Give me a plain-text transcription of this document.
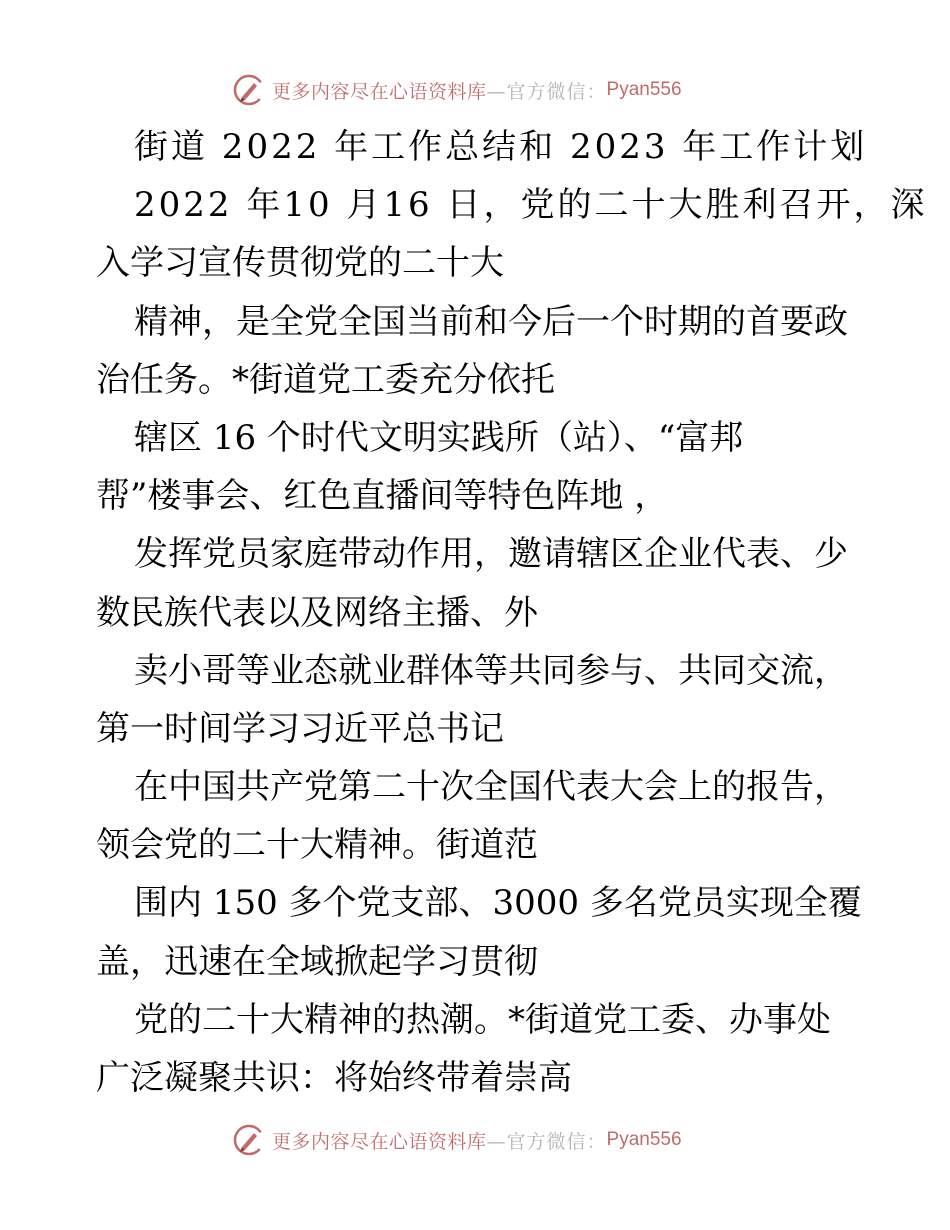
更多内容尽在心语资料库 —官方微信： Pyan556
街道 2022 年工作总结和 2023 年工作计划
2022 年10 月16 日，党的二十大胜利召开，深
入学习宣传贯彻党的二十大
精神，是全党全国当前和今后一个时期的首要政
治任务。*街道党工委充分依托
辖区 16 个时代文明实践所（站）、“富邦
帮”楼事会、红色直播间等特色阵地 ，
发挥党员家庭带动作用，邀请辖区企业代表、少
数民族代表以及网络主播、外
卖小哥等业态就业群体等共同参与、共同交流，
第一时间学习习近平总书记
在中国共产党第二十次全国代表大会上的报告，
领会党的二十大精神。街道范
围内 150 多个党支部、3000 多名党员实现全覆
盖，迅速在全域掀起学习贯彻
党的二十大精神的热潮。*街道党工委、办事处
广泛凝聚共识：将始终带着崇高
更多内容尽在心语资料库 —官方微信： Pyan556
